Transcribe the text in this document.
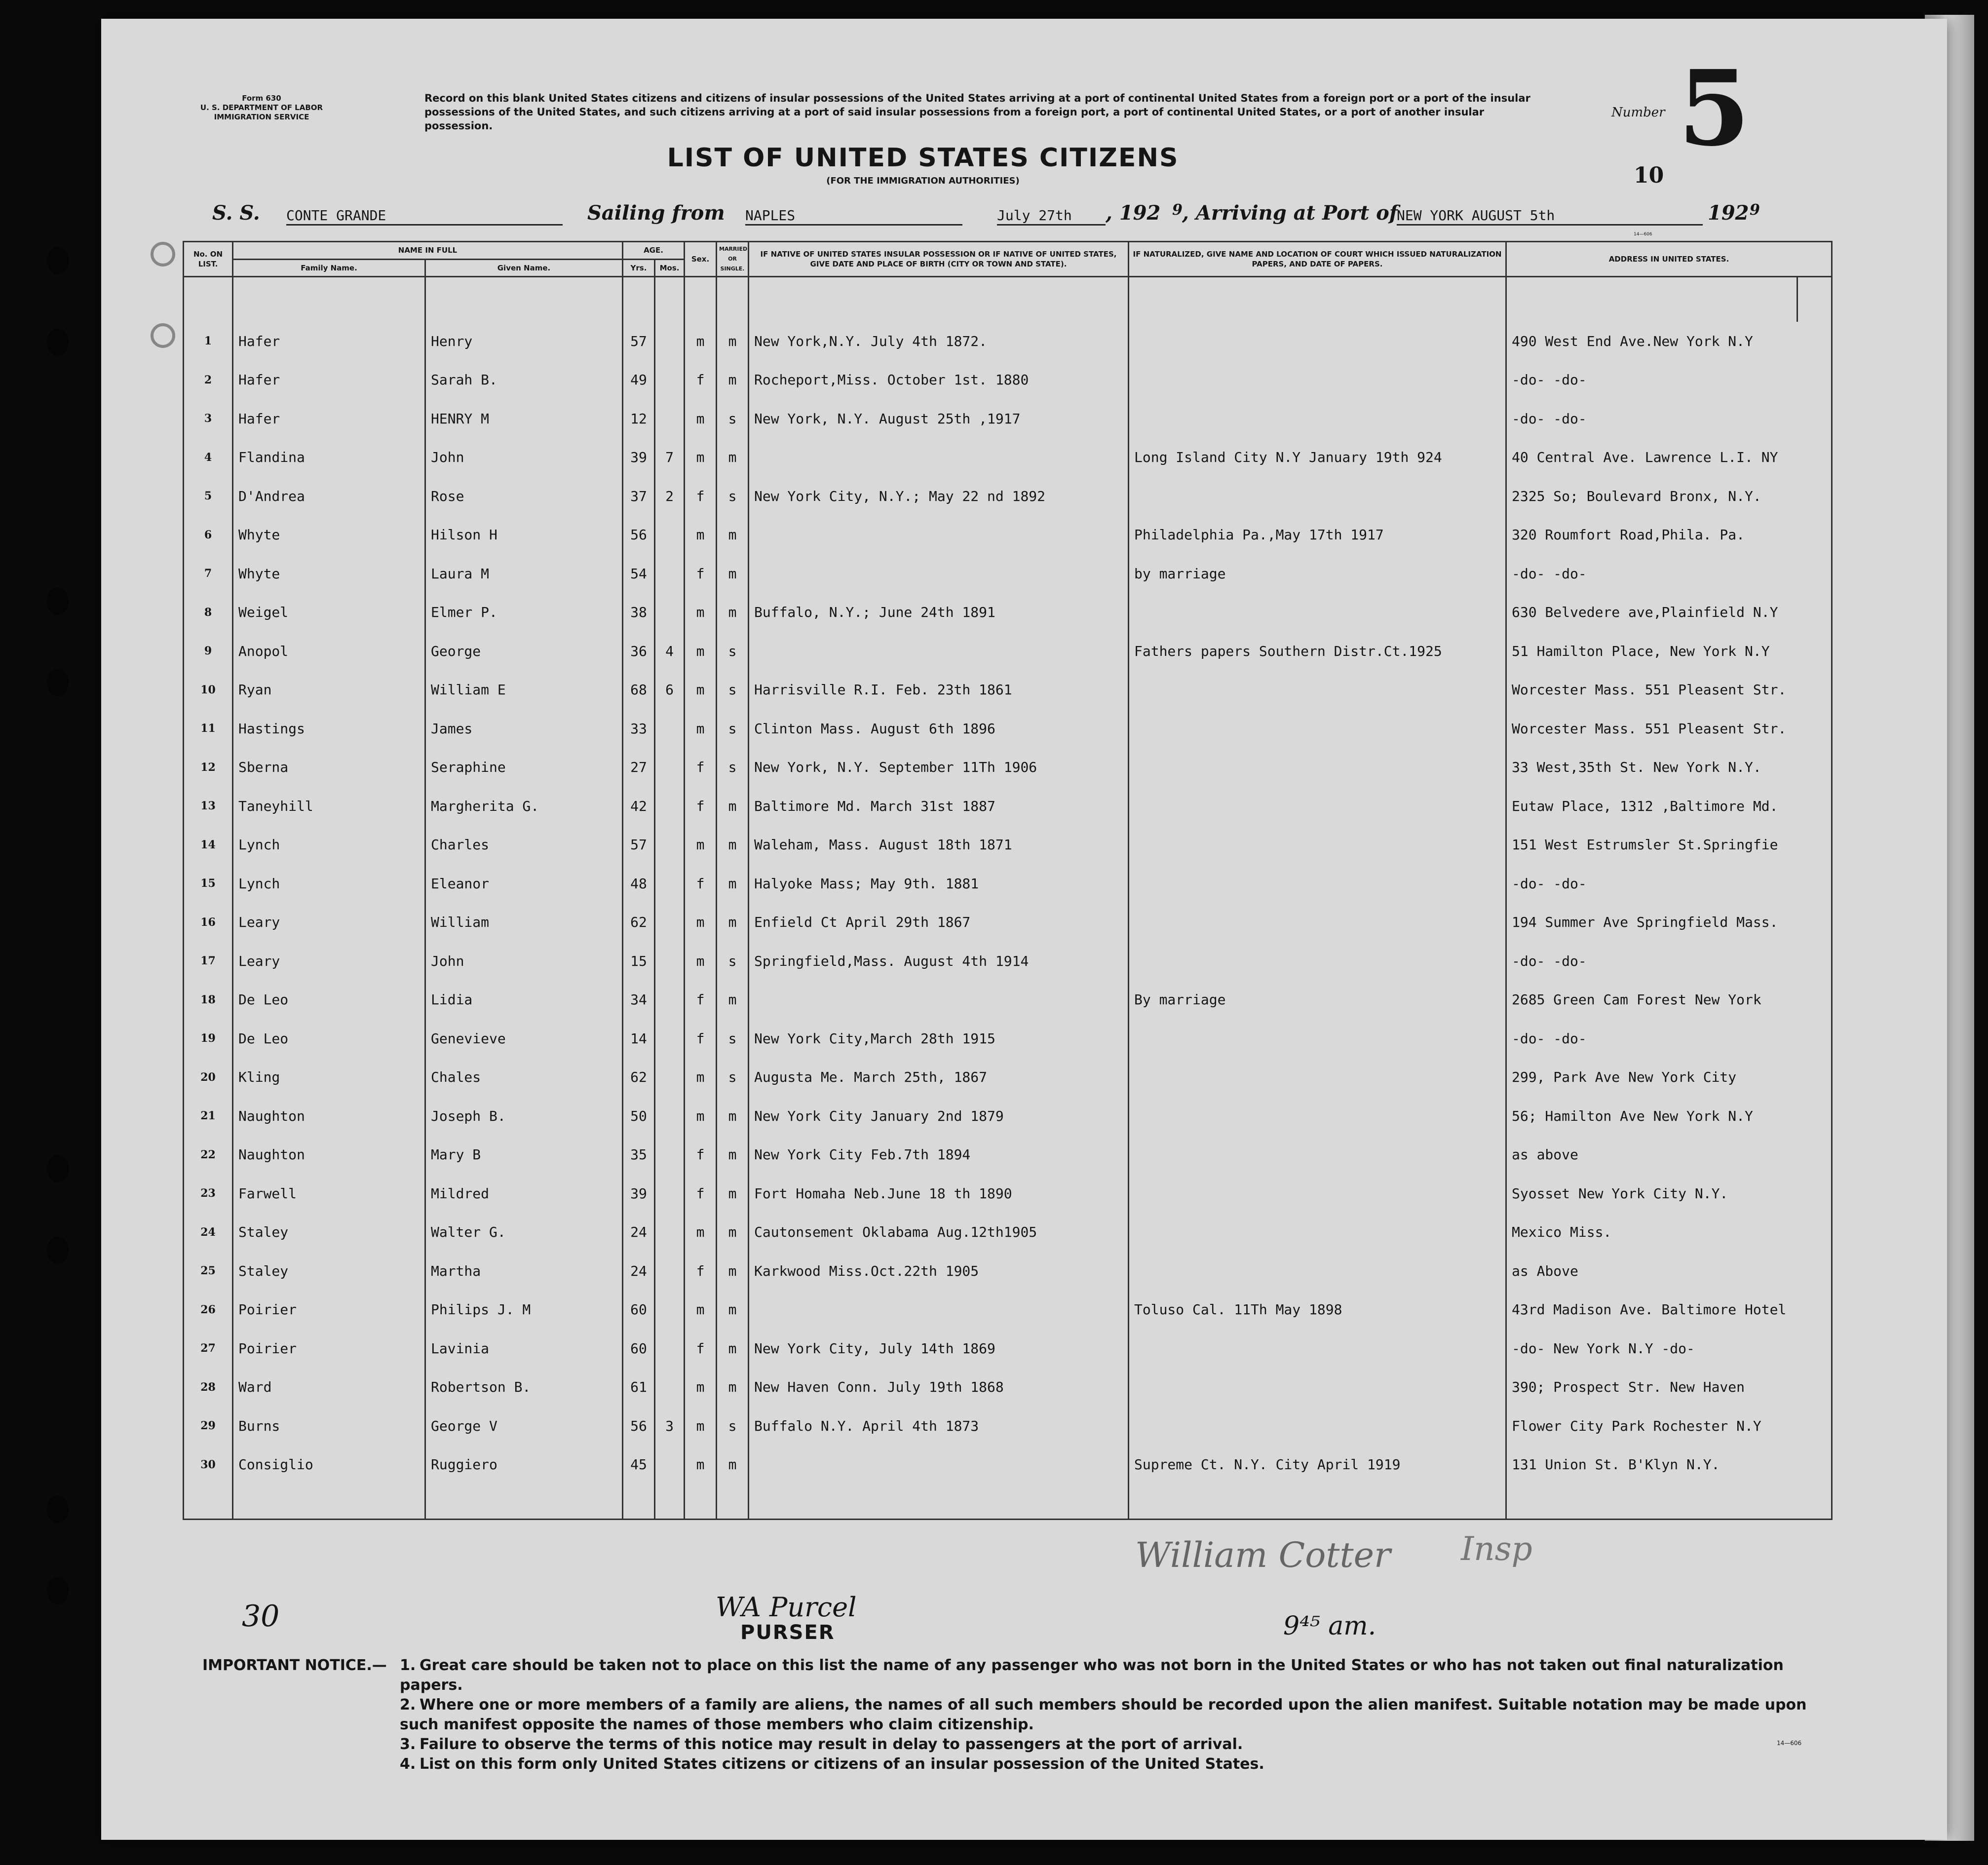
Form 630
U. S. DEPARTMENT OF LABOR
IMMIGRATION SERVICE
Record on this blank United States citizens and citizens of insular possessions of the United States arriving at a port of continental United States from a foreign port or a port of the insular possessions of the United States, and such citizens arriving at a port of said insular possessions from a foreign port, a port of continental United States, or a port of another insular possession.
Number 5
10
LIST OF UNITED STATES CITIZENS
(FOR THE IMMIGRATION AUTHORITIES)
S. S. CONTE GRANDE	Sailing from NAPLES	July 27th	, 192 9 , Arriving at Port of
NEW YORK AUGUST 5th	192 9
14—606
No. ON LIST.	NAME IN FULL		AGE.		Sex.	MARRIED OR SINGLE.	IF NATIVE OF UNITED STATES INSULAR POSSESSION OR IF NATIVE OF UNITED STATES, GIVE DATE AND PLACE OF BIRTH (CITY OR TOWN AND STATE).	IF NATURALIZED, GIVE NAME AND LOCATION OF COURT WHICH ISSUED NATURALIZATION PAPERS, AND DATE OF PAPERS.	ADDRESS IN UNITED STATES.	
	Family Name.	Given Name.	Yrs.	Mos.						

1	Hafer	Henry	57		m	m	New York,N.Y. July 4th 1872.		490 West End Ave.New York N.Y	
2	Hafer	Sarah B.	49		f	m	Rocheport,Miss. October 1st. 1880		-do- -do-	
3	Hafer	HENRY M	12		m	s	New York, N.Y. August 25th ,1917		-do- -do-	
4	Flandina	John	39	7	m	m		Long Island City N.Y January 19th 924	40 Central Ave. Lawrence L.I. NY	
5	D'Andrea	Rose	37	2	f	s	New York City, N.Y.; May 22 nd 1892		2325 So; Boulevard Bronx, N.Y.	
6	Whyte	Hilson H	56		m	m		Philadelphia Pa.,May 17th 1917	320 Roumfort Road,Phila. Pa.	
7	Whyte	Laura M	54		f	m		by marriage	-do- -do-	
8	Weigel	Elmer P.	38		m	m	Buffalo, N.Y.; June 24th 1891		630 Belvedere ave,Plainfield N.Y	
9	Anopol	George	36	4	m	s		Fathers papers Southern Distr.Ct.1925	51 Hamilton Place, New York N.Y	
10	Ryan	William E	68	6	m	s	Harrisville R.I. Feb. 23th 1861		Worcester Mass. 551 Pleasent Str.	
11	Hastings	James	33		m	s	Clinton Mass. August 6th 1896		Worcester Mass. 551 Pleasent Str.	
12	Sberna	Seraphine	27		f	s	New York, N.Y. September 11Th 1906		33 West,35th St. New York N.Y.	
13	Taneyhill	Margherita G.	42		f	m	Baltimore Md. March 31st 1887		Eutaw Place, 1312 ,Baltimore Md.	
14	Lynch	Charles	57		m	m	Waleham, Mass. August 18th 1871		151 West Estrumsler St.Springfie	
15	Lynch	Eleanor	48		f	m	Halyoke Mass; May 9th. 1881		-do- -do-	
16	Leary	William	62		m	m	Enfield Ct April 29th 1867		194 Summer Ave Springfield Mass.	
17	Leary	John	15		m	s	Springfield,Mass. August 4th 1914		-do- -do-	
18	De Leo	Lidia	34		f	m		By marriage	2685 Green Cam Forest New York	
19	De Leo	Genevieve	14		f	s	New York City,March 28th 1915		-do- -do-	
20	Kling	Chales	62		m	s	Augusta Me. March 25th, 1867		299, Park Ave New York City	
21	Naughton	Joseph B.	50		m	m	New York City January 2nd 1879		56; Hamilton Ave New York N.Y	
22	Naughton	Mary B	35		f	m	New York City Feb.7th 1894		as above	
23	Farwell	Mildred	39		f	m	Fort Homaha Neb.June 18 th 1890		Syosset New York City N.Y.	
24	Staley	Walter G.	24		m	m	Cautonsement Oklabama Aug.12th1905		Mexico Miss.	
25	Staley	Martha	24		f	m	Karkwood Miss.Oct.22th 1905		as Above	
26	Poirier	Philips J. M	60		m	m		Toluso Cal. 11Th May 1898	43rd Madison Ave. Baltimore Hotel	
27	Poirier	Lavinia	60		f	m	New York City, July 14th 1869		-do- New York N.Y -do-	
28	Ward	Robertson B.	61		m	m	New Haven Conn. July 19th 1868		390; Prospect Str. New Haven	
29	Burns	George V	56	3	m	s	Buffalo N.Y. April 4th 1873		Flower City Park Rochester N.Y	
30	Consiglio	Ruggiero	45		m	m		Supreme Ct. N.Y. City April 1919	131 Union St. B'Klyn N.Y.	

30
William Cotter Insp
WA Purcel
PURSER	9⁴⁵ am.
IMPORTANT NOTICE.— 1. Great care should be taken not to place on this list the name of any passenger who was not born in the United States or who has not taken out final naturalization papers.
2. Where one or more members of a family are aliens, the names of all such members should be recorded upon the alien manifest. Suitable notation may be made upon such manifest opposite the names of those members who claim citizenship.
3. Failure to observe the terms of this notice may result in delay to passengers at the port of arrival.
4. List on this form only United States citizens or citizens of an insular possession of the United States.
14—606
